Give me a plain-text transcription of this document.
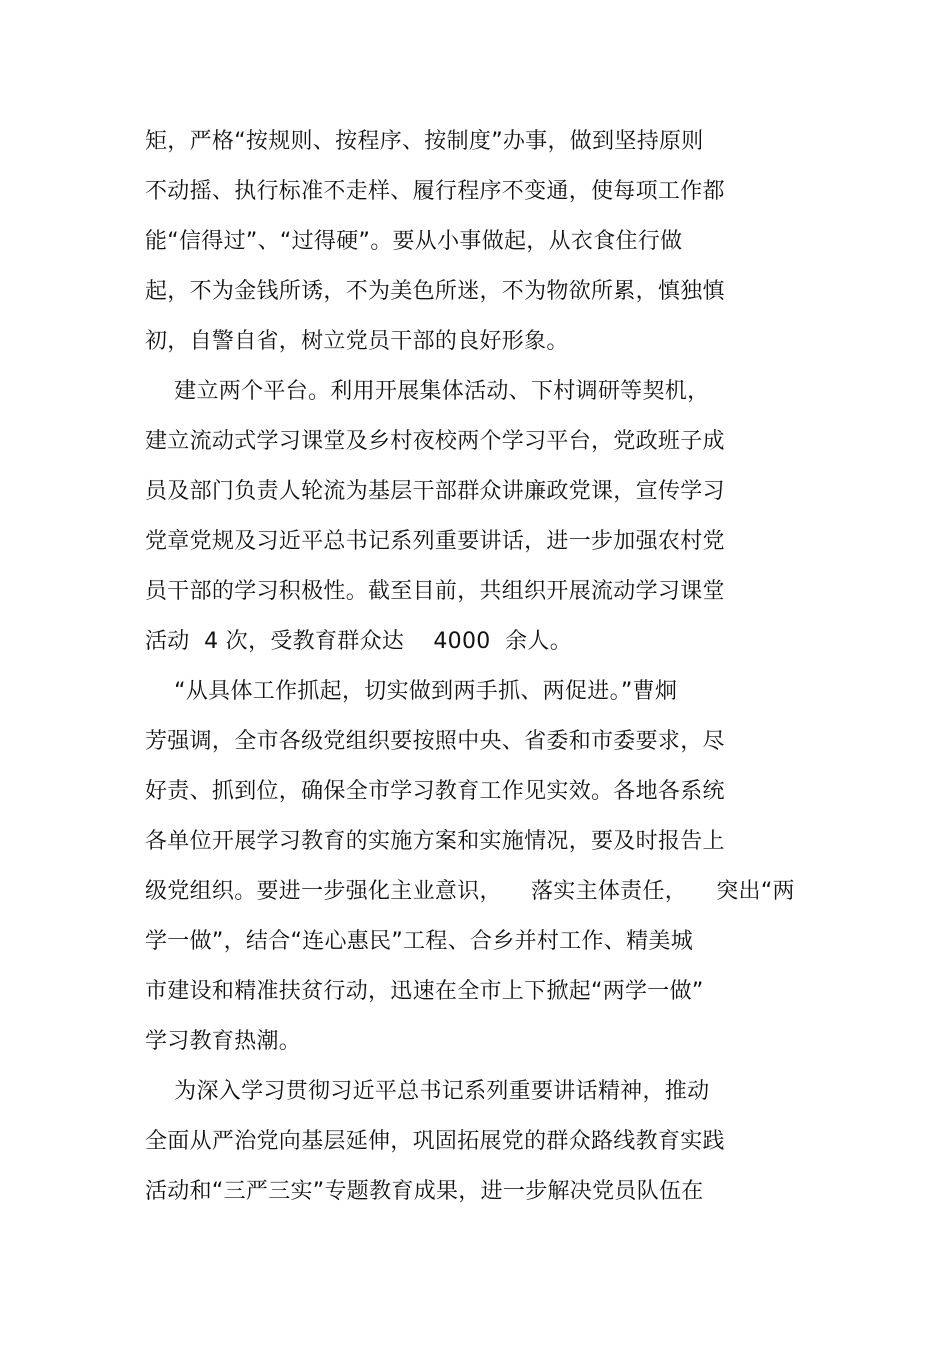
矩，严格“按规则、按程序、按制度”办事，做到坚持原则
不动摇、执行标准不走样、履行程序不变通，使每项工作都
能“信得过”、“过得硬”。要从小事做起，从衣食住行做
起，不为金钱所诱，不为美色所迷，不为物欲所累，慎独慎
初，自警自省，树立党员干部的良好形象。
建立两个平台。利用开展集体活动、下村调研等契机，
建立流动式学习课堂及乡村夜校两个学习平台，党政班子成
员及部门负责人轮流为基层干部群众讲廉政党课，宣传学习
党章党规及习近平总书记系列重要讲话，进一步加强农村党
员干部的学习积极性。截至目前，共组织开展流动学习课堂
活动  4 次，受教育群众达    4000  余人。
“从具体工作抓起，切实做到两手抓、两促进。”曹炯
芳强调，全市各级党组织要按照中央、省委和市委要求，尽
好责、抓到位，确保全市学习教育工作见实效。各地各系统
各单位开展学习教育的实施方案和实施情况，要及时报告上
级党组织。要进一步强化主业意识，    落实主体责任，    突出“两
学一做”，结合“连心惠民”工程、合乡并村工作、精美城
市建设和精准扶贫行动，迅速在全市上下掀起“两学一做”
学习教育热潮。
为深入学习贯彻习近平总书记系列重要讲话精神，推动
全面从严治党向基层延伸，巩固拓展党的群众路线教育实践
活动和“三严三实”专题教育成果，进一步解决党员队伍在
